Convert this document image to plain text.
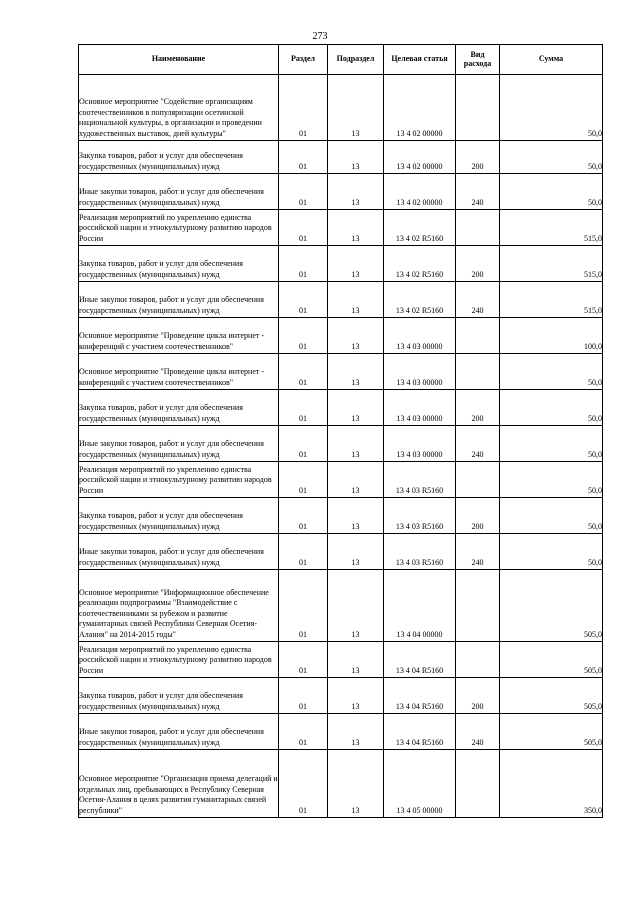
273
Наименование	Раздел	Подраздел	Целевая статья	Вид расхода	Сумма
Основное мероприятие "Содействие организациям соотечественников в популяризации осетинской национальной культуры, в организации и проведении художественных выставок, дней культуры"	01	13	13 4 02 00000		50,0
Закупка товаров, работ и услуг для обеспечения государственных (муниципальных) нужд	01	13	13 4 02 00000	200	50,0
Иные закупки товаров, работ и услуг для обеспечения государственных (муниципальных) нужд	01	13	13 4 02 00000	240	50,0
Реализация мероприятий по укреплению единства российской нации и этнокультурному развитию народов России	01	13	13 4 02 R5160		515,0
Закупка товаров, работ и услуг для обеспечения государственных (муниципальных) нужд	01	13	13 4 02 R5160	200	515,0
Иные закупки товаров, работ и услуг для обеспечения государственных (муниципальных) нужд	01	13	13 4 02 R5160	240	515,0
Основное мероприятие "Проведение цикла интернет - конференций с участием соотечественников"	01	13	13 4 03 00000		100,0
Основное мероприятие "Проведение цикла интернет - конференций с участием соотечественников"	01	13	13 4 03 00000		50,0
Закупка товаров, работ и услуг для обеспечения государственных (муниципальных) нужд	01	13	13 4 03 00000	200	50,0
Иные закупки товаров, работ и услуг для обеспечения государственных (муниципальных) нужд	01	13	13 4 03 00000	240	50,0
Реализация мероприятий по укреплению единства российской нации и этнокультурному развитию народов России	01	13	13 4 03 R5160		50,0
Закупка товаров, работ и услуг для обеспечения государственных (муниципальных) нужд	01	13	13 4 03 R5160	200	50,0
Иные закупки товаров, работ и услуг для обеспечения государственных (муниципальных) нужд	01	13	13 4 03 R5160	240	50,0
Основное мероприятие "Информационное обеспечение реализации подпрограммы "Взаимодействие с соотечественниками за рубежом и развитие гуманитарных связей Республики Северная Осетия-Алания" на 2014-2015 годы"	01	13	13 4 04 00000		505,0
Реализация мероприятий по укреплению единства российской нации и этнокультурному развитию народов России	01	13	13 4 04 R5160		505,0
Закупка товаров, работ и услуг для обеспечения государственных (муниципальных) нужд	01	13	13 4 04 R5160	200	505,0
Иные закупки товаров, работ и услуг для обеспечения государственных (муниципальных) нужд	01	13	13 4 04 R5160	240	505,0
Основное мероприятие "Организация приема делегаций и отдельных лиц, пребывающих в Республику Северная Осетия-Алания в целях развития гуманитарных связей республики"	01	13	13 4 05 00000		350,0
